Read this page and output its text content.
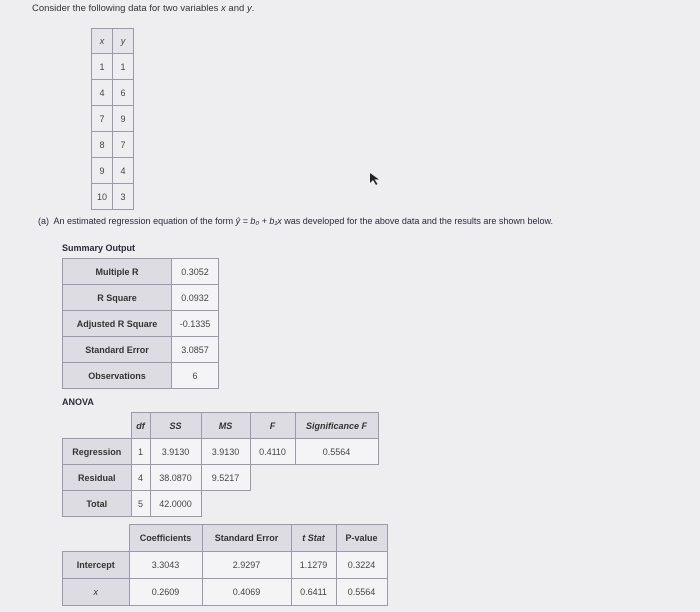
Consider the following data for two variables x and y.
x	y
1	1
4	6
7	9
8	7
9	4
10	3
(a) An estimated regression equation of the form ŷ = b₀ + b₁x was developed for the above data and the results are shown below.
Summary Output
Multiple R	0.3052
R Square	0.0932
Adjusted R Square	-0.1335
Standard Error	3.0857
Observations	6
ANOVA
	df	SS	MS	F	Significance F
Regression	1	3.9130	3.9130	0.4110	0.5564
Residual	4	38.0870	9.5217		
Total	5	42.0000			
	Coefficients	Standard Error	t Stat	P-value
Intercept	3.3043	2.9297	1.1279	0.3224
x	0.2609	0.4069	0.6411	0.5564
